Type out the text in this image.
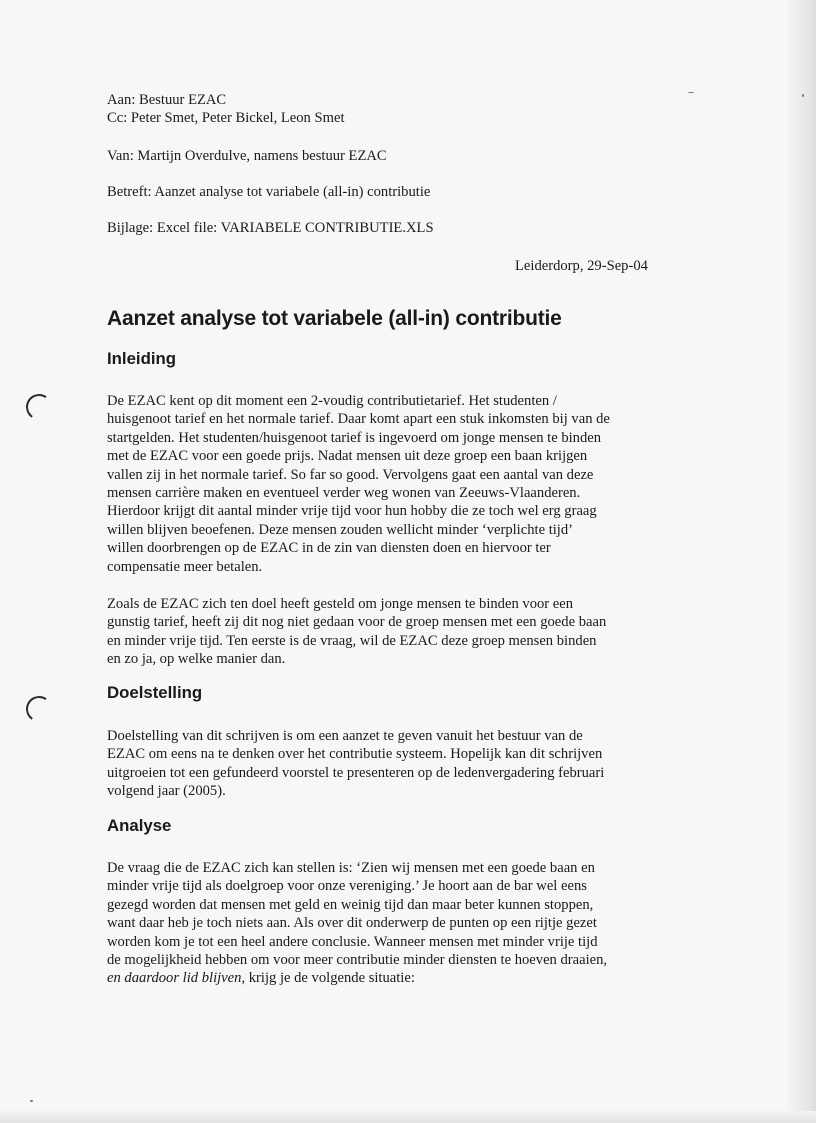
Aan: Bestuur EZAC
Cc: Peter Smet, Peter Bickel, Leon Smet
Van: Martijn Overdulve, namens bestuur EZAC
Betreft: Aanzet analyse tot variabele (all-in) contributie
Bijlage: Excel file: VARIABELE CONTRIBUTIE.XLS
Leiderdorp, 29-Sep-04
Aanzet analyse tot variabele (all-in) contributie
Inleiding
De EZAC kent op dit moment een 2-voudig contributietarief. Het studenten /
huisgenoot tarief en het normale tarief. Daar komt apart een stuk inkomsten bij van de
startgelden. Het studenten/huisgenoot tarief is ingevoerd om jonge mensen te binden
met de EZAC voor een goede prijs. Nadat mensen uit deze groep een baan krijgen
vallen zij in het normale tarief. So far so good. Vervolgens gaat een aantal van deze
mensen carrière maken en eventueel verder weg wonen van Zeeuws-Vlaanderen.
Hierdoor krijgt dit aantal minder vrije tijd voor hun hobby die ze toch wel erg graag
willen blijven beoefenen. Deze mensen zouden wellicht minder ‘verplichte tijd’
willen doorbrengen op de EZAC in de zin van diensten doen en hiervoor ter
compensatie meer betalen.
Zoals de EZAC zich ten doel heeft gesteld om jonge mensen te binden voor een
gunstig tarief, heeft zij dit nog niet gedaan voor de groep mensen met een goede baan
en minder vrije tijd. Ten eerste is de vraag, wil de EZAC deze groep mensen binden
en zo ja, op welke manier dan.
Doelstelling
Doelstelling van dit schrijven is om een aanzet te geven vanuit het bestuur van de
EZAC om eens na te denken over het contributie systeem. Hopelijk kan dit schrijven
uitgroeien tot een gefundeerd voorstel te presenteren op de ledenvergadering februari
volgend jaar (2005).
Analyse
De vraag die de EZAC zich kan stellen is: ‘Zien wij mensen met een goede baan en
minder vrije tijd als doelgroep voor onze vereniging.’ Je hoort aan de bar wel eens
gezegd worden dat mensen met geld en weinig tijd dan maar beter kunnen stoppen,
want daar heb je toch niets aan. Als over dit onderwerp de punten op een rijtje gezet
worden kom je tot een heel andere conclusie. Wanneer mensen met minder vrije tijd
de mogelijkheid hebben om voor meer contributie minder diensten te hoeven draaien,
en daardoor lid blijven, krijg je de volgende situatie:
